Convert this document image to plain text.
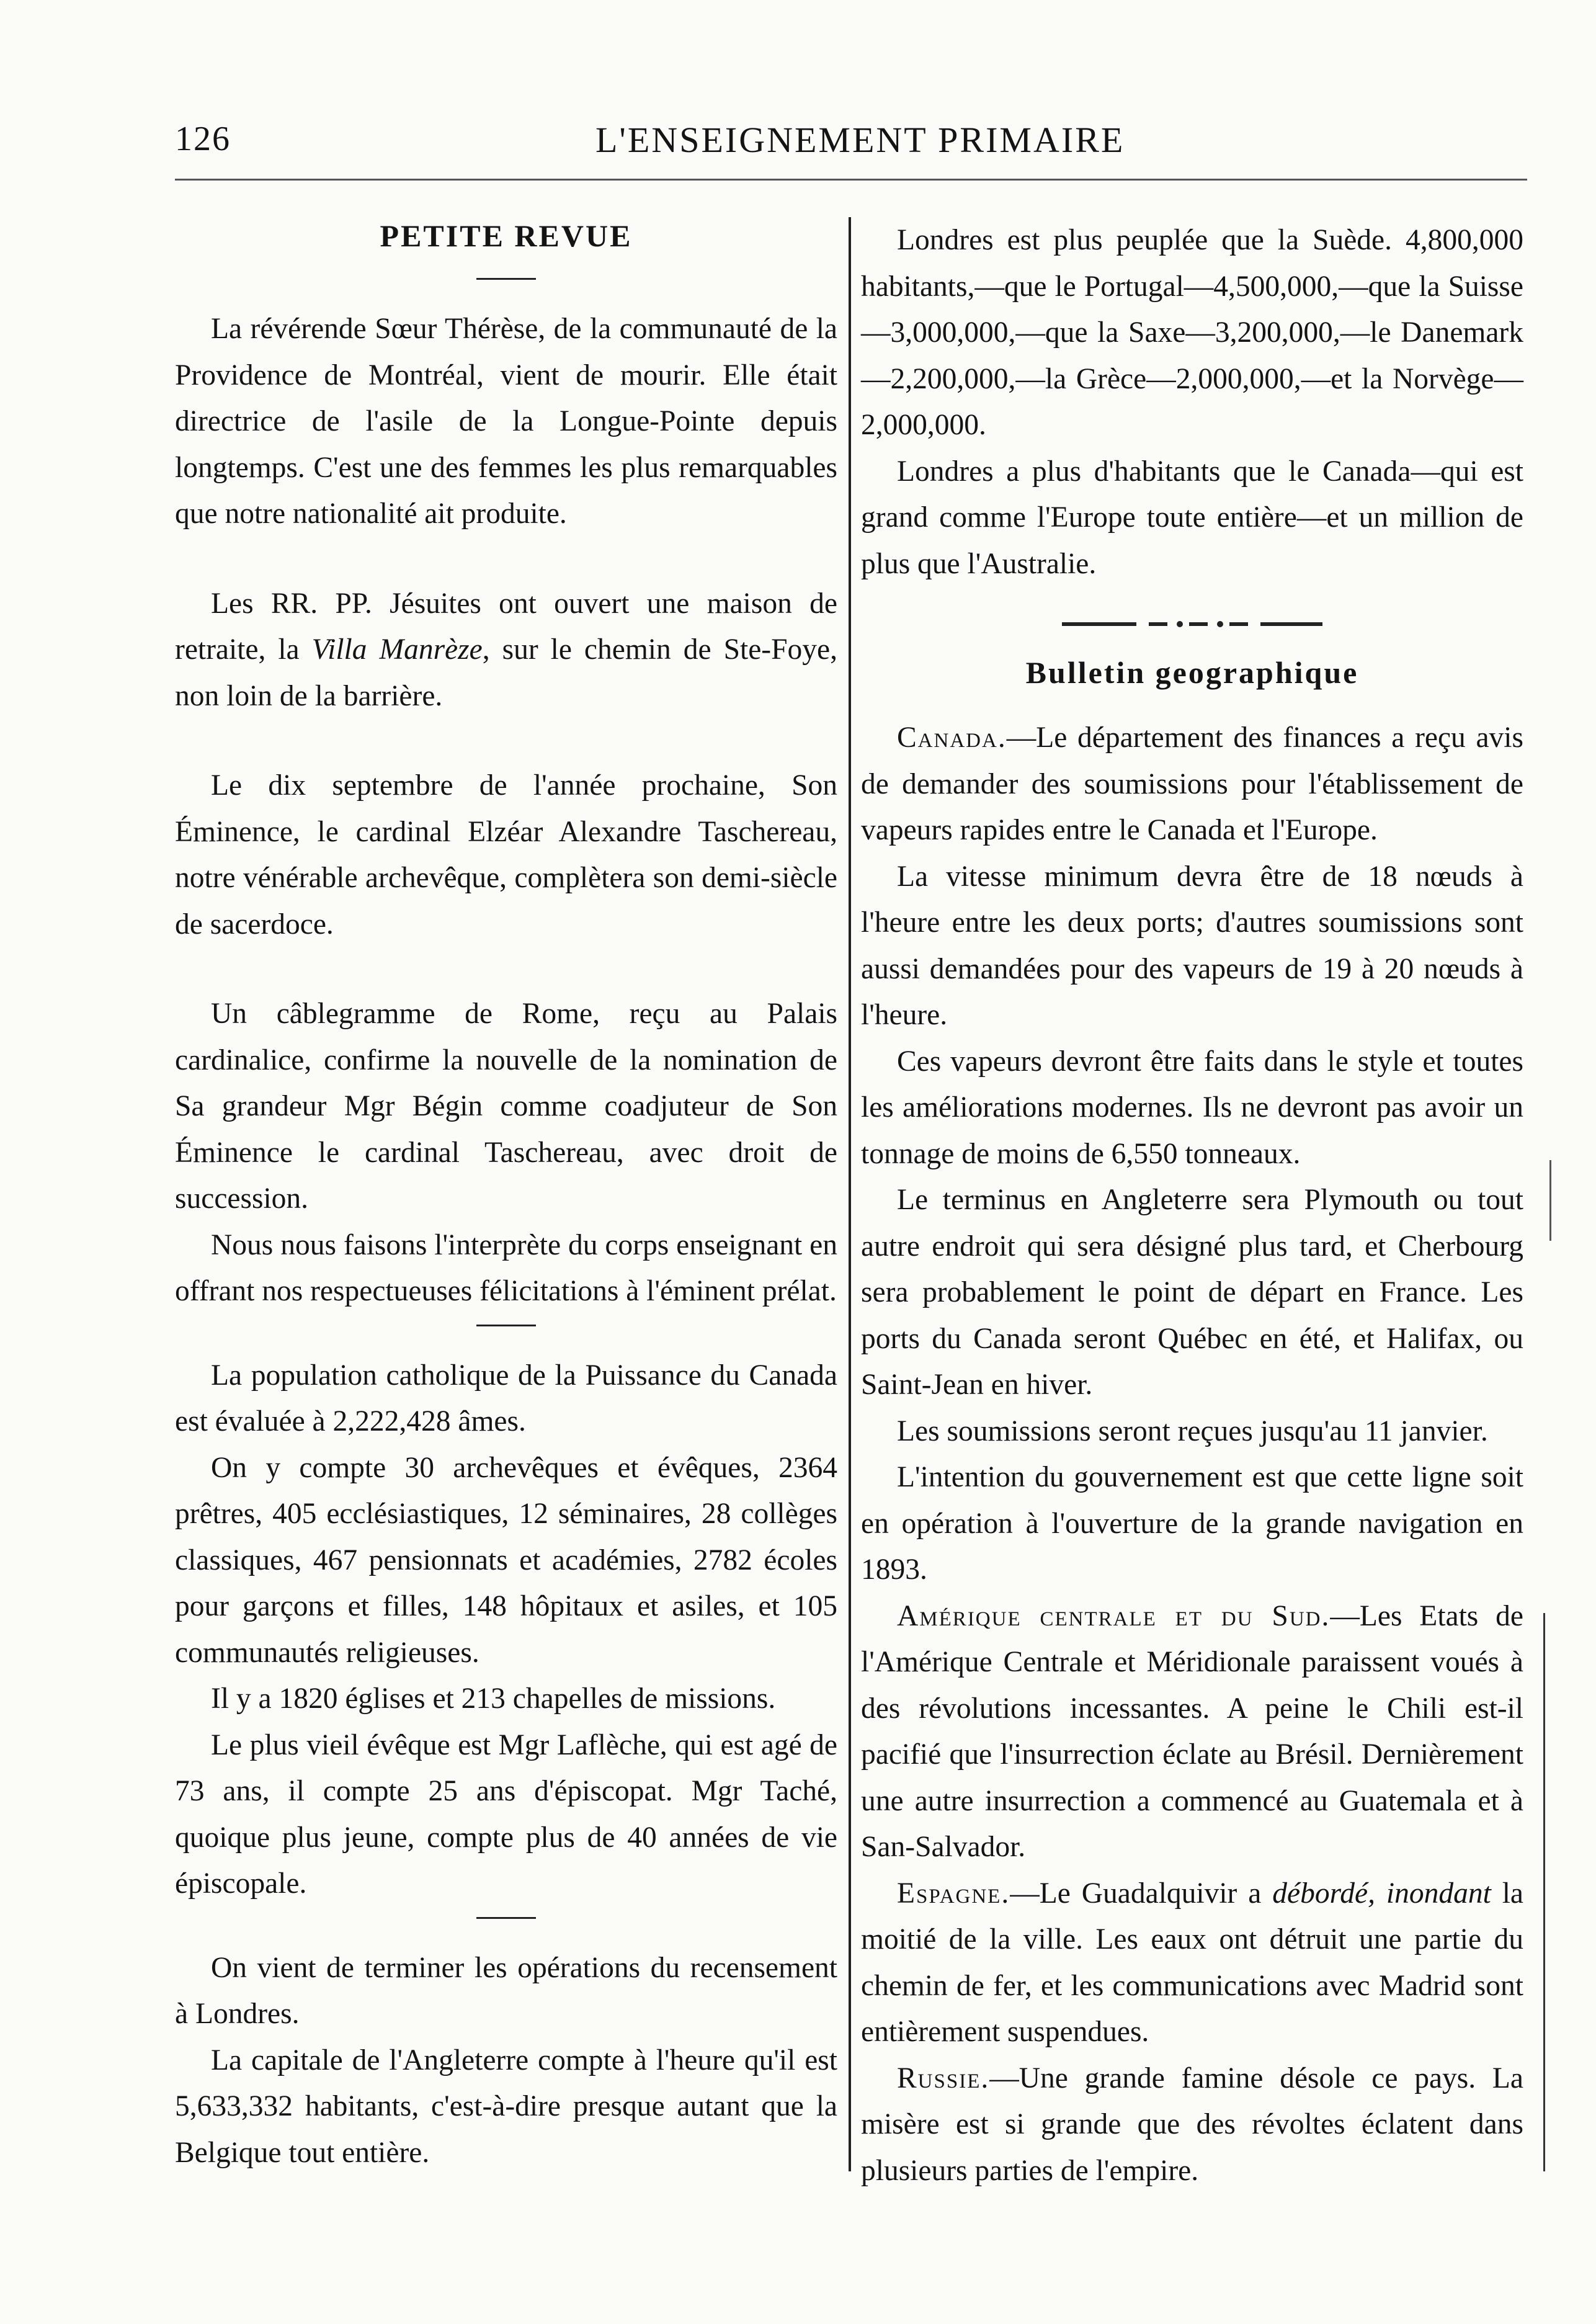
126	L'ENSEIGNEMENT PRIMAIRE

PETITE REVUE

La révérende Sœur Thérèse, de la communauté de la Providence de Montréal, vient de mourir. Elle était directrice de l'asile de la Longue-Pointe depuis longtemps. C'est une des femmes les plus remarquables que notre nationalité ait produite.

Les RR. PP. Jésuites ont ouvert une maison de retraite, la Villa Manrèze, sur le chemin de Ste-Foye, non loin de la barrière.

Le dix septembre de l'année prochaine, Son Éminence, le cardinal Elzéar Alexandre Taschereau, notre vénérable archevêque, complètera son demi-siècle de sacerdoce.

Un câblegramme de Rome, reçu au Palais cardinalice, confirme la nouvelle de la nomination de Sa grandeur Mgr Bégin comme coadjuteur de Son Éminence le cardinal Taschereau, avec droit de succession.

Nous nous faisons l'interprète du corps enseignant en offrant nos respectueuses félicitations à l'éminent prélat.

La population catholique de la Puissance du Canada est évaluée à 2,222,428 âmes.

On y compte 30 archevêques et évêques, 2364 prêtres, 405 ecclésiastiques, 12 séminaires, 28 collèges classiques, 467 pensionnats et académies, 2782 écoles pour garçons et filles, 148 hôpitaux et asiles, et 105 communautés religieuses.

Il y a 1820 églises et 213 chapelles de missions.

Le plus vieil évêque est Mgr Laflèche, qui est agé de 73 ans, il compte 25 ans d'épiscopat. Mgr Taché, quoique plus jeune, compte plus de 40 années de vie épiscopale.

On vient de terminer les opérations du recensement à Londres.

La capitale de l'Angleterre compte à l'heure qu'il est 5,633,332 habitants, c'est-à-dire presque autant que la Belgique tout entière.

Londres est plus peuplée que la Suède. 4,800,000 habitants,—que le Portugal—4,500,000,—que la Suisse—3,000,000,—que la Saxe—3,200,000,—le Danemark—2,200,000,—la Grèce—2,000,000,—et la Norvège—2,000,000.

Londres a plus d'habitants que le Canada—qui est grand comme l'Europe toute entière—et un million de plus que l'Australie.

Bulletin geographique

Canada.—Le département des finances a reçu avis de demander des soumissions pour l'établissement de vapeurs rapides entre le Canada et l'Europe.

La vitesse minimum devra être de 18 nœuds à l'heure entre les deux ports; d'autres soumissions sont aussi demandées pour des vapeurs de 19 à 20 nœuds à l'heure.

Ces vapeurs devront être faits dans le style et toutes les améliorations modernes. Ils ne devront pas avoir un tonnage de moins de 6,550 tonneaux.

Le terminus en Angleterre sera Plymouth ou tout autre endroit qui sera désigné plus tard, et Cherbourg sera probablement le point de départ en France. Les ports du Canada seront Québec en été, et Halifax, ou Saint-Jean en hiver.

Les soumissions seront reçues jusqu'au 11 janvier.

L'intention du gouvernement est que cette ligne soit en opération à l'ouverture de la grande navigation en 1893.

Amérique centrale et du Sud.—Les Etats de l'Amérique Centrale et Méridionale paraissent voués à des révolutions incessantes. A peine le Chili est-il pacifié que l'insurrection éclate au Brésil. Dernièrement une autre insurrection a commencé au Guatemala et à San-Salvador.

Espagne.—Le Guadalquivir a débordé, inondant la moitié de la ville. Les eaux ont détruit une partie du chemin de fer, et les communications avec Madrid sont entièrement suspendues.

Russie.—Une grande famine désole ce pays. La misère est si grande que des révoltes éclatent dans plusieurs parties de l'empire.
